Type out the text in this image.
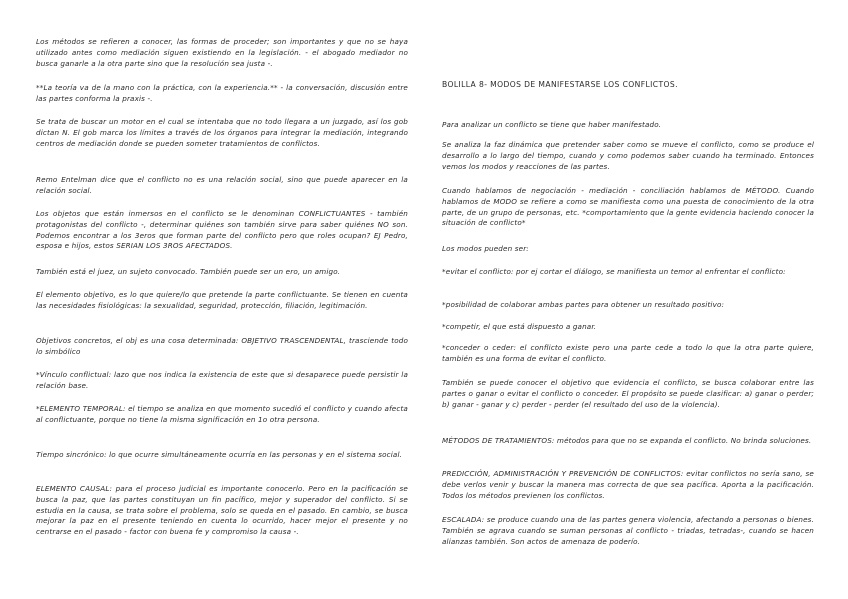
Los métodos se refieren a conocer, las formas de proceder; son importantes y que no se haya utilizado antes como mediación siguen existiendo en la legislación. - el abogado mediador no busca ganarle a la otra parte sino que la resolución sea justa -.

**La teoría va de la mano con la práctica, con la experiencia.** - la conversación, discusión entre las partes conforma la praxis -.

Se trata de buscar un motor en el cual se intentaba que no todo llegara a un juzgado, así los gob dictan N. El gob marca los límites a través de los órganos para integrar la mediación, integrando centros de mediación donde se pueden someter tratamientos de conflictos.

Remo Entelman dice que el conflicto no es una relación social, sino que puede aparecer en la relación social.

Los objetos que están inmersos en el conflicto se le denominan CONFLICTUANTES - también protagonistas del conflicto -, determinar quiénes son también sirve para saber quiénes NO son. Podemos encontrar a los 3eros que forman parte del conflicto pero que roles ocupan? EJ Pedro, esposa e hijos, estos SERIAN LOS 3ROS AFECTADOS.

También está el juez, un sujeto convocado. También puede ser un ero, un amigo.

El elemento objetivo, es lo que quiere/lo que pretende la parte conflictuante. Se tienen en cuenta las necesidades fisiológicas: la sexualidad, seguridad, protección, filiación, legitimación.

Objetivos concretos, el obj es una cosa determinada: OBJETIVO TRASCENDENTAL, trasciende todo lo simbólico

*Vínculo conflictual: lazo que nos indica la existencia de este que si desaparece puede persistir la relación base.

*ELEMENTO TEMPORAL: el tiempo se analiza en que momento sucedió el conflicto y cuando afecta al conflictuante, porque no tiene la misma significación en 1o otra persona.

Tiempo sincrónico: lo que ocurre simultáneamente ocurría en las personas y en el sistema social.

ELEMENTO CAUSAL: para el proceso judicial es importante conocerlo. Pero en la pacificación se busca la paz, que las partes constituyan un fin pacífico, mejor y superador del conflicto. Si se estudia en la causa, se trata sobre el problema, solo se queda en el pasado. En cambio, se busca mejorar la paz en el presente teniendo en cuenta lo ocurrido, hacer mejor el presente y no centrarse en el pasado - factor con buena fe y compromiso la causa -.

BOLILLA 8- MODOS DE MANIFESTARSE LOS CONFLICTOS.

Para analizar un conflicto se tiene que haber manifestado.

Se analiza la faz dinámica que pretender saber como se mueve el conflicto, como se produce el desarrollo a lo largo del tiempo, cuando y como podemos saber cuando ha terminado. Entonces vemos los modos y reacciones de las partes.

Cuando hablamos de negociación - mediación - conciliación hablamos de MÉTODO. Cuando hablamos de MODO se refiere a como se manifiesta como una puesta de conocimiento de la otra parte, de un grupo de personas, etc. *comportamiento que la gente evidencia haciendo conocer la situación de conflicto*

Los modos pueden ser:

*evitar el conflicto: por ej cortar el diálogo, se manifiesta un temor al enfrentar el conflicto:

*posibilidad de colaborar ambas partes para obtener un resultado positivo:

*competir, el que está dispuesto a ganar.

*conceder o ceder: el conflicto existe pero una parte cede a todo lo que la otra parte quiere, también es una forma de evitar el conflicto.

También se puede conocer el objetivo que evidencia el conflicto, se busca colaborar entre las partes o ganar o evitar el conflicto o conceder. El propósito se puede clasificar: a) ganar o perder; b) ganar - ganar y c) perder - perder (el resultado del uso de la violencia).

MÉTODOS DE TRATAMIENTOS: métodos para que no se expanda el conflicto. No brinda soluciones.

PREDICCIÓN, ADMINISTRACIÓN Y PREVENCIÓN DE CONFLICTOS: evitar conflictos no sería sano, se debe verlos venir y buscar la manera mas correcta de que sea pacífica. Aporta a la pacificación. Todos los métodos previenen los conflictos.

ESCALADA: se produce cuando una de las partes genera violencia, afectando a personas o bienes. También se agrava cuando se suman personas al conflicto - triadas, tetradas-, cuando se hacen alianzas también. Son actos de amenaza de poderío.
